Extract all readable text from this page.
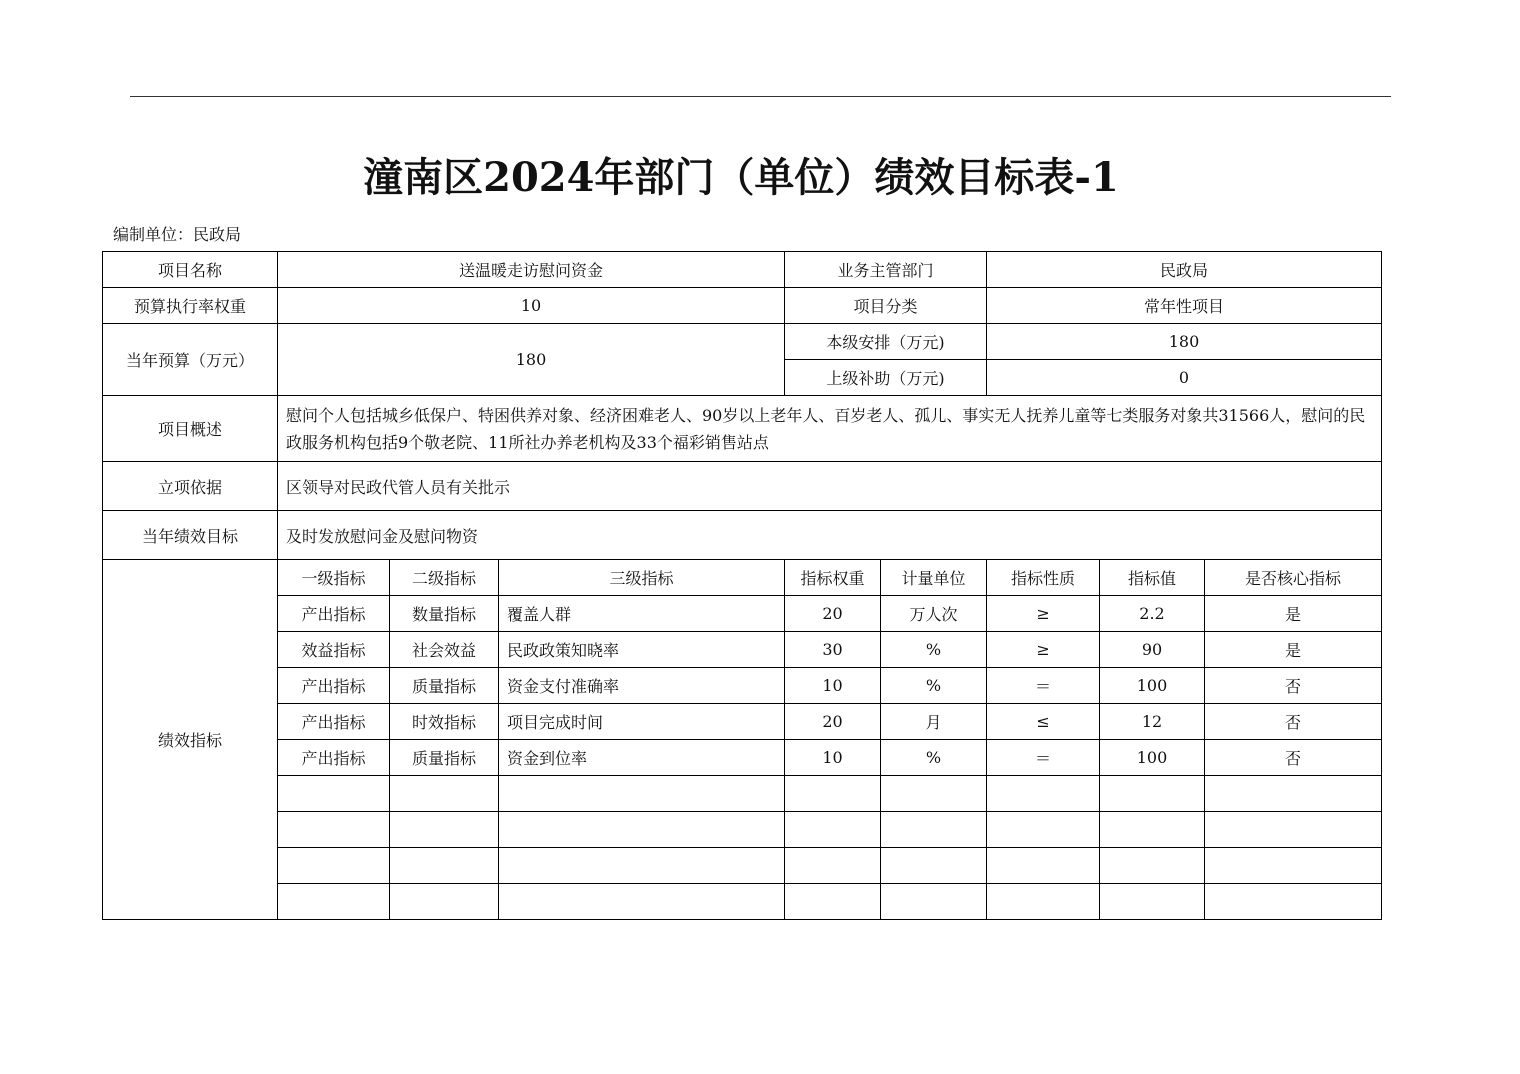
潼南区2024年部门（单位）绩效目标表-1
编制单位：民政局
项目名称	送温暖走访慰问资金			业务主管部门		民政局		
预算执行率权重	10			项目分类		常年性项目		
当年预算（万元）	180			本级安排（万元)		180		
				上级补助（万元)		0		
项目概述	慰问个人包括城乡低保户、特困供养对象、经济困难老人、90岁以上老年人、百岁老人、孤儿、事实无人抚养儿童等七类服务对象共31566人，慰问的民政服务机构包括9个敬老院、11所社办养老机构及33个福彩销售站点							
立项依据	区领导对民政代管人员有关批示							
当年绩效目标	及时发放慰问金及慰问物资							
绩效指标	一级指标	二级指标	三级指标	指标权重	计量单位	指标性质	指标值	是否核心指标
	产出指标	数量指标	覆盖人群	20	万人次	≥	2.2	是
	效益指标	社会效益	民政政策知晓率	30	%	≥	90	是
	产出指标	质量指标	资金支付准确率	10	%	＝	100	否
	产出指标	时效指标	项目完成时间	20	月	≤	12	否
	产出指标	质量指标	资金到位率	10	%	＝	100	否
